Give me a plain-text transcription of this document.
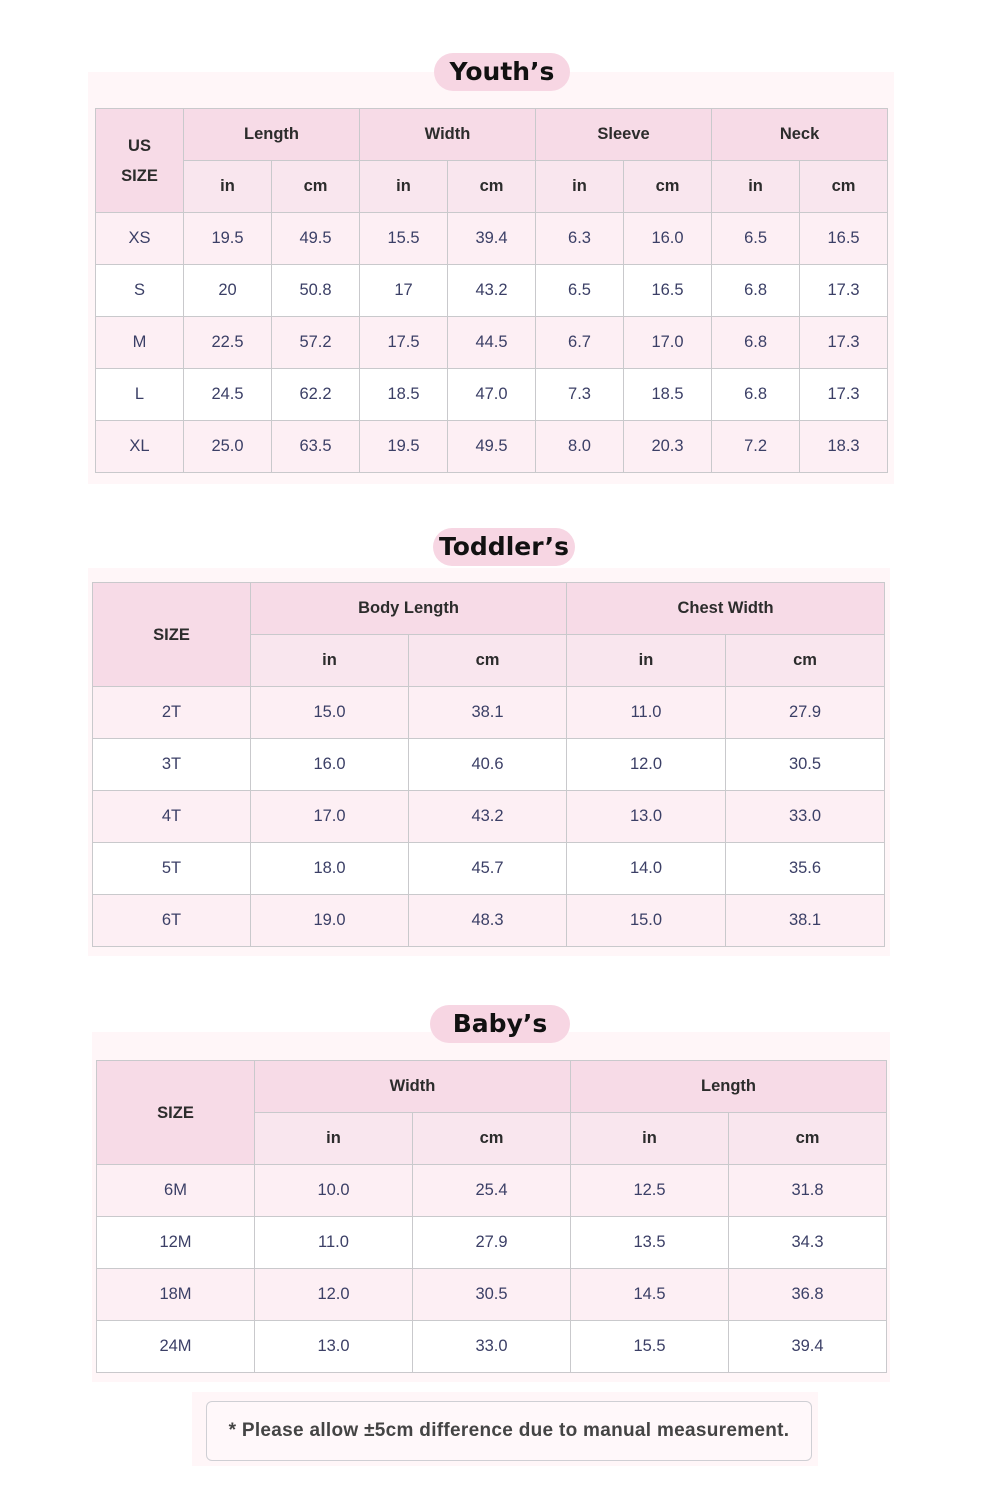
Youth’s
US
SIZE	Length		Width		Sleeve		Neck	
	in	cm	in	cm	in	cm	in	cm
XS	19.5	49.5	15.5	39.4	6.3	16.0	6.5	16.5
S	20	50.8	17	43.2	6.5	16.5	6.8	17.3
M	22.5	57.2	17.5	44.5	6.7	17.0	6.8	17.3
L	24.5	62.2	18.5	47.0	7.3	18.5	6.8	17.3
XL	25.0	63.5	19.5	49.5	8.0	20.3	7.2	18.3
Toddler’s
SIZE	Body Length		Chest Width	
	in	cm	in	cm
2T	15.0	38.1	11.0	27.9
3T	16.0	40.6	12.0	30.5
4T	17.0	43.2	13.0	33.0
5T	18.0	45.7	14.0	35.6
6T	19.0	48.3	15.0	38.1
Baby’s
SIZE	Width		Length	
	in	cm	in	cm
6M	10.0	25.4	12.5	31.8
12M	11.0	27.9	13.5	34.3
18M	12.0	30.5	14.5	36.8
24M	13.0	33.0	15.5	39.4
* Please allow ±5cm difference due to manual measurement.
